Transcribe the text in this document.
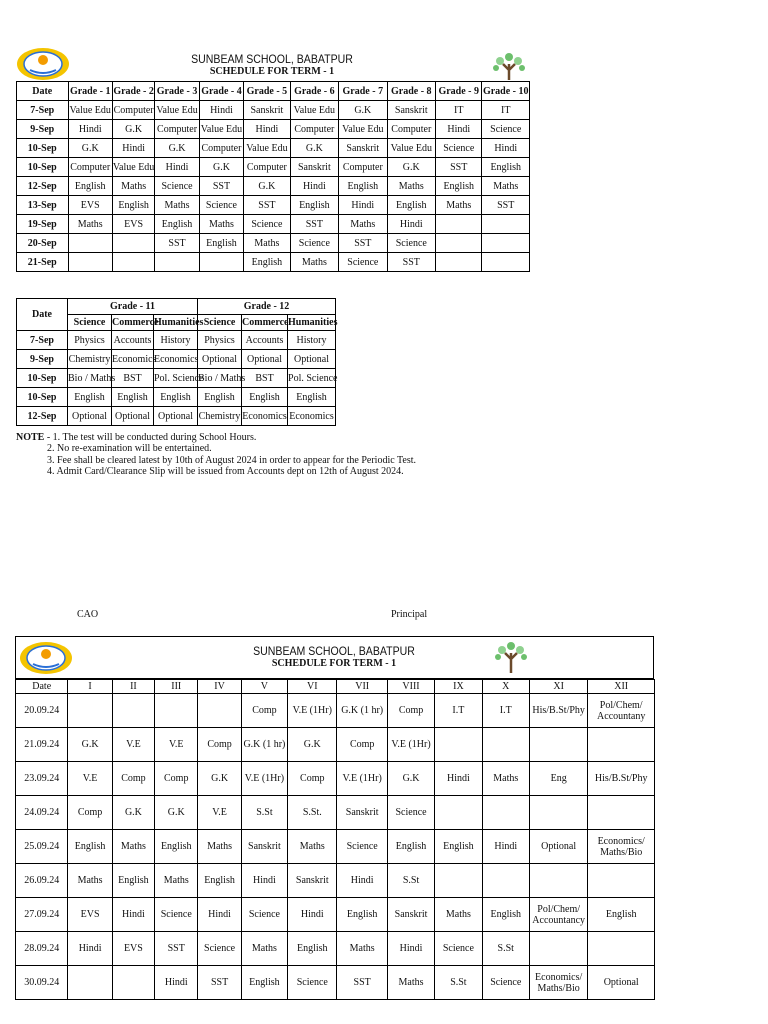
SUNBEAM SCHOOL, BABATPUR
SCHEDULE FOR TERM - 1
Date	Grade - 1	Grade - 2	Grade - 3	Grade - 4	Grade - 5	Grade - 6	Grade - 7	Grade - 8	Grade - 9	Grade - 10
7-Sep	Value Edu	Computer	Value Edu	Hindi	Sanskrit	Value Edu	G.K	Sanskrit	IT	IT
9-Sep	Hindi	G.K	Computer	Value Edu	Hindi	Computer	Value Edu	Computer	Hindi	Science
10-Sep	G.K	Hindi	G.K	Computer	Value Edu	G.K	Sanskrit	Value Edu	Science	Hindi
10-Sep	Computer	Value Edu	Hindi	G.K	Computer	Sanskrit	Computer	G.K	SST	English
12-Sep	English	Maths	Science	SST	G.K	Hindi	English	Maths	English	Maths
13-Sep	EVS	English	Maths	Science	SST	English	Hindi	English	Maths	SST
19-Sep	Maths	EVS	English	Maths	Science	SST	Maths	Hindi		
20-Sep			SST	English	Maths	Science	SST	Science		
21-Sep					English	Maths	Science	SST		
Date	Grade - 11			Grade - 12		
	Science	Commerce	Humanities	Science	Commerce	Humanities
7-Sep	Physics	Accounts	History	Physics	Accounts	History
9-Sep	Chemistry	Economics	Economics	Optional	Optional	Optional
10-Sep	Bio / Maths	BST	Pol. Science	Bio / Maths	BST	Pol. Science
10-Sep	English	English	English	English	English	English
12-Sep	Optional	Optional	Optional	Chemistry	Economics	Economics
NOTE - 1. The test will be conducted during School Hours.
2. No re-examination will be entertained.
3. Fee shall be cleared latest by 10th of August 2024 in order to appear for the Periodic Test.
4. Admit Card/Clearance Slip will be issued from Accounts dept on 12th of August 2024.
CAO	Principal
SUNBEAM SCHOOL, BABATPUR
SCHEDULE FOR TERM - 1
Date	I	II	III	IV	V	VI	VII	VIII	IX	X	XI	XII
20.09.24					Comp	V.E (1Hr)	G.K (1 hr)	Comp	I.T	I.T	His/B.St/Phy	Pol/Chem/ Accountany
21.09.24	G.K	V.E	V.E	Comp	G.K (1 hr)	G.K	Comp	V.E (1Hr)				
23.09.24	V.E	Comp	Comp	G.K	V.E (1Hr)	Comp	V.E (1Hr)	G.K	Hindi	Maths	Eng	His/B.St/Phy
24.09.24	Comp	G.K	G.K	V.E	S.St	S.St.	Sanskrit	Science				
25.09.24	English	Maths	English	Maths	Sanskrit	Maths	Science	English	English	Hindi	Optional	Economics/ Maths/Bio
26.09.24	Maths	English	Maths	English	Hindi	Sanskrit	Hindi	S.St				
27.09.24	EVS	Hindi	Science	Hindi	Science	Hindi	English	Sanskrit	Maths	English	Pol/Chem/ Accountancy	English
28.09.24	Hindi	EVS	SST	Science	Maths	English	Maths	Hindi	Science	S.St		
30.09.24			Hindi	SST	English	Science	SST	Maths	S.St	Science	Economics/ Maths/Bio	Optional
